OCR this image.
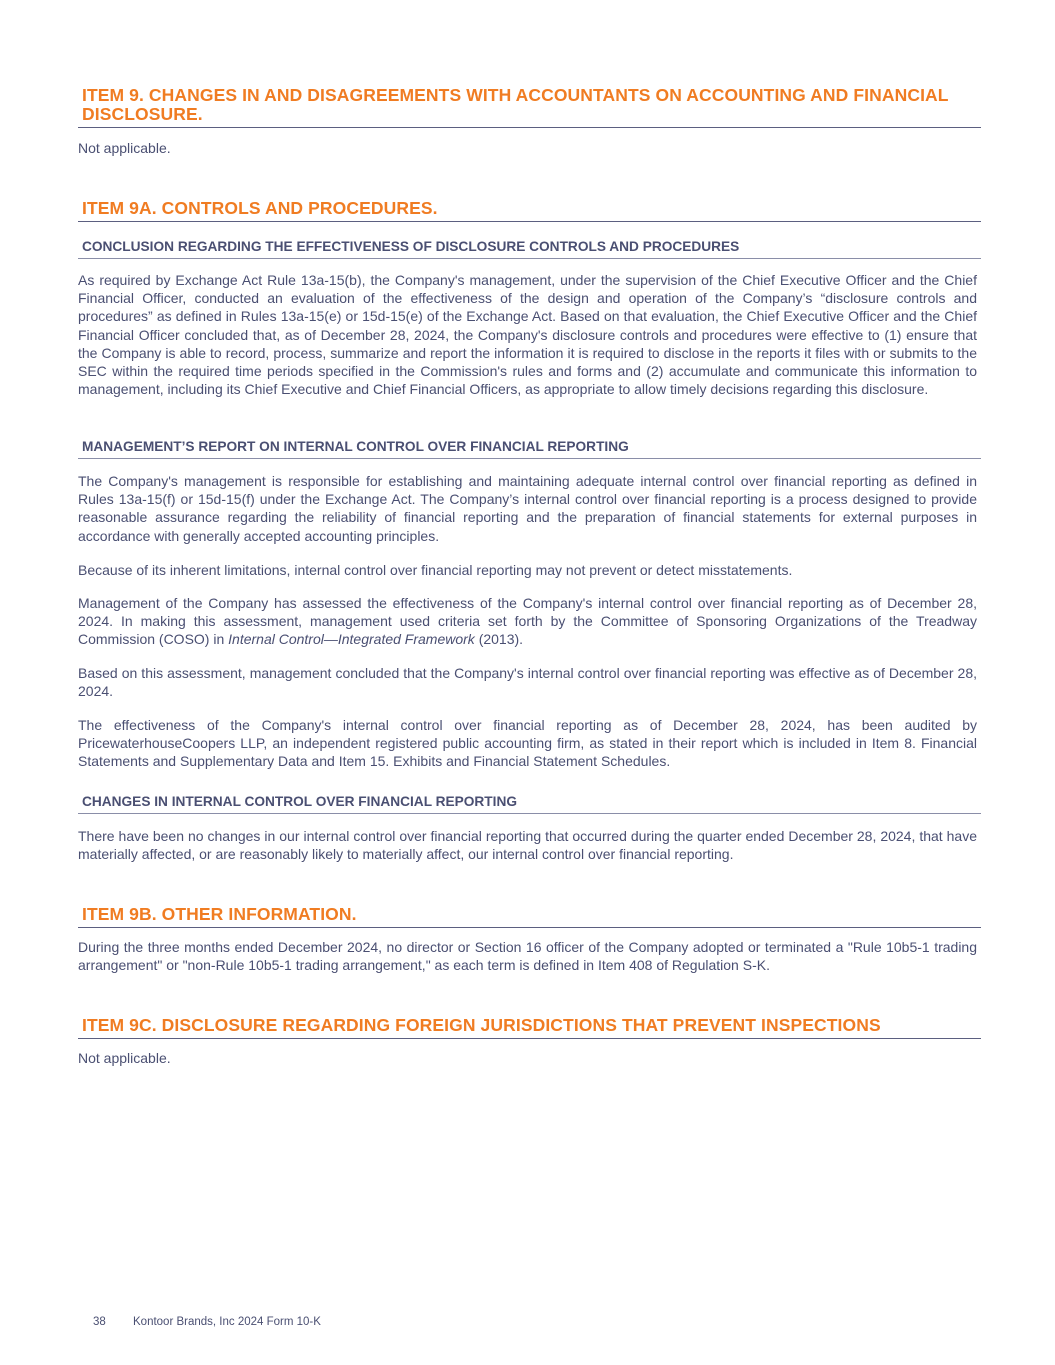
ITEM 9. CHANGES IN AND DISAGREEMENTS WITH ACCOUNTANTS ON ACCOUNTING AND FINANCIAL DISCLOSURE.

Not applicable.

ITEM 9A. CONTROLS AND PROCEDURES.
CONCLUSION REGARDING THE EFFECTIVENESS OF DISCLOSURE CONTROLS AND PROCEDURES

As required by Exchange Act Rule 13a-15(b), the Company's management, under the supervision of the Chief Executive Officer and the Chief Financial Officer, conducted an evaluation of the effectiveness of the design and operation of the Company’s “disclosure controls and procedures” as defined in Rules 13a-15(e) or 15d-15(e) of the Exchange Act. Based on that evaluation, the Chief Executive Officer and the Chief Financial Officer concluded that, as of December 28, 2024, the Company's disclosure controls and procedures were effective to (1) ensure that the Company is able to record, process, summarize and report the information it is required to disclose in the reports it files with or submits to the SEC within the required time periods specified in the Commission's rules and forms and (2) accumulate and communicate this information to management, including its Chief Executive and Chief Financial Officers, as appropriate to allow timely decisions regarding this disclosure.

MANAGEMENT’S REPORT ON INTERNAL CONTROL OVER FINANCIAL REPORTING

The Company's management is responsible for establishing and maintaining adequate internal control over financial reporting as defined in Rules 13a-15(f) or 15d-15(f) under the Exchange Act. The Company’s internal control over financial reporting is a process designed to provide reasonable assurance regarding the reliability of financial reporting and the preparation of financial statements for external purposes in accordance with generally accepted accounting principles.

Because of its inherent limitations, internal control over financial reporting may not prevent or detect misstatements.

Management of the Company has assessed the effectiveness of the Company's internal control over financial reporting as of December 28, 2024. In making this assessment, management used criteria set forth by the Committee of Sponsoring Organizations of the Treadway Commission (COSO) in Internal Control—Integrated Framework (2013).

Based on this assessment, management concluded that the Company's internal control over financial reporting was effective as of December 28, 2024.

The effectiveness of the Company's internal control over financial reporting as of December 28, 2024, has been audited by PricewaterhouseCoopers LLP, an independent registered public accounting firm, as stated in their report which is included in Item 8. Financial Statements and Supplementary Data and Item 15. Exhibits and Financial Statement Schedules.

CHANGES IN INTERNAL CONTROL OVER FINANCIAL REPORTING

There have been no changes in our internal control over financial reporting that occurred during the quarter ended December 28, 2024, that have materially affected, or are reasonably likely to materially affect, our internal control over financial reporting.

ITEM 9B. OTHER INFORMATION.

During the three months ended December 2024, no director or Section 16 officer of the Company adopted or terminated a "Rule 10b5-1 trading arrangement" or "non-Rule 10b5-1 trading arrangement," as each term is defined in Item 408 of Regulation S-K.

ITEM 9C. DISCLOSURE REGARDING FOREIGN JURISDICTIONS THAT PREVENT INSPECTIONS

Not applicable.

38 Kontoor Brands, Inc 2024 Form 10-K
